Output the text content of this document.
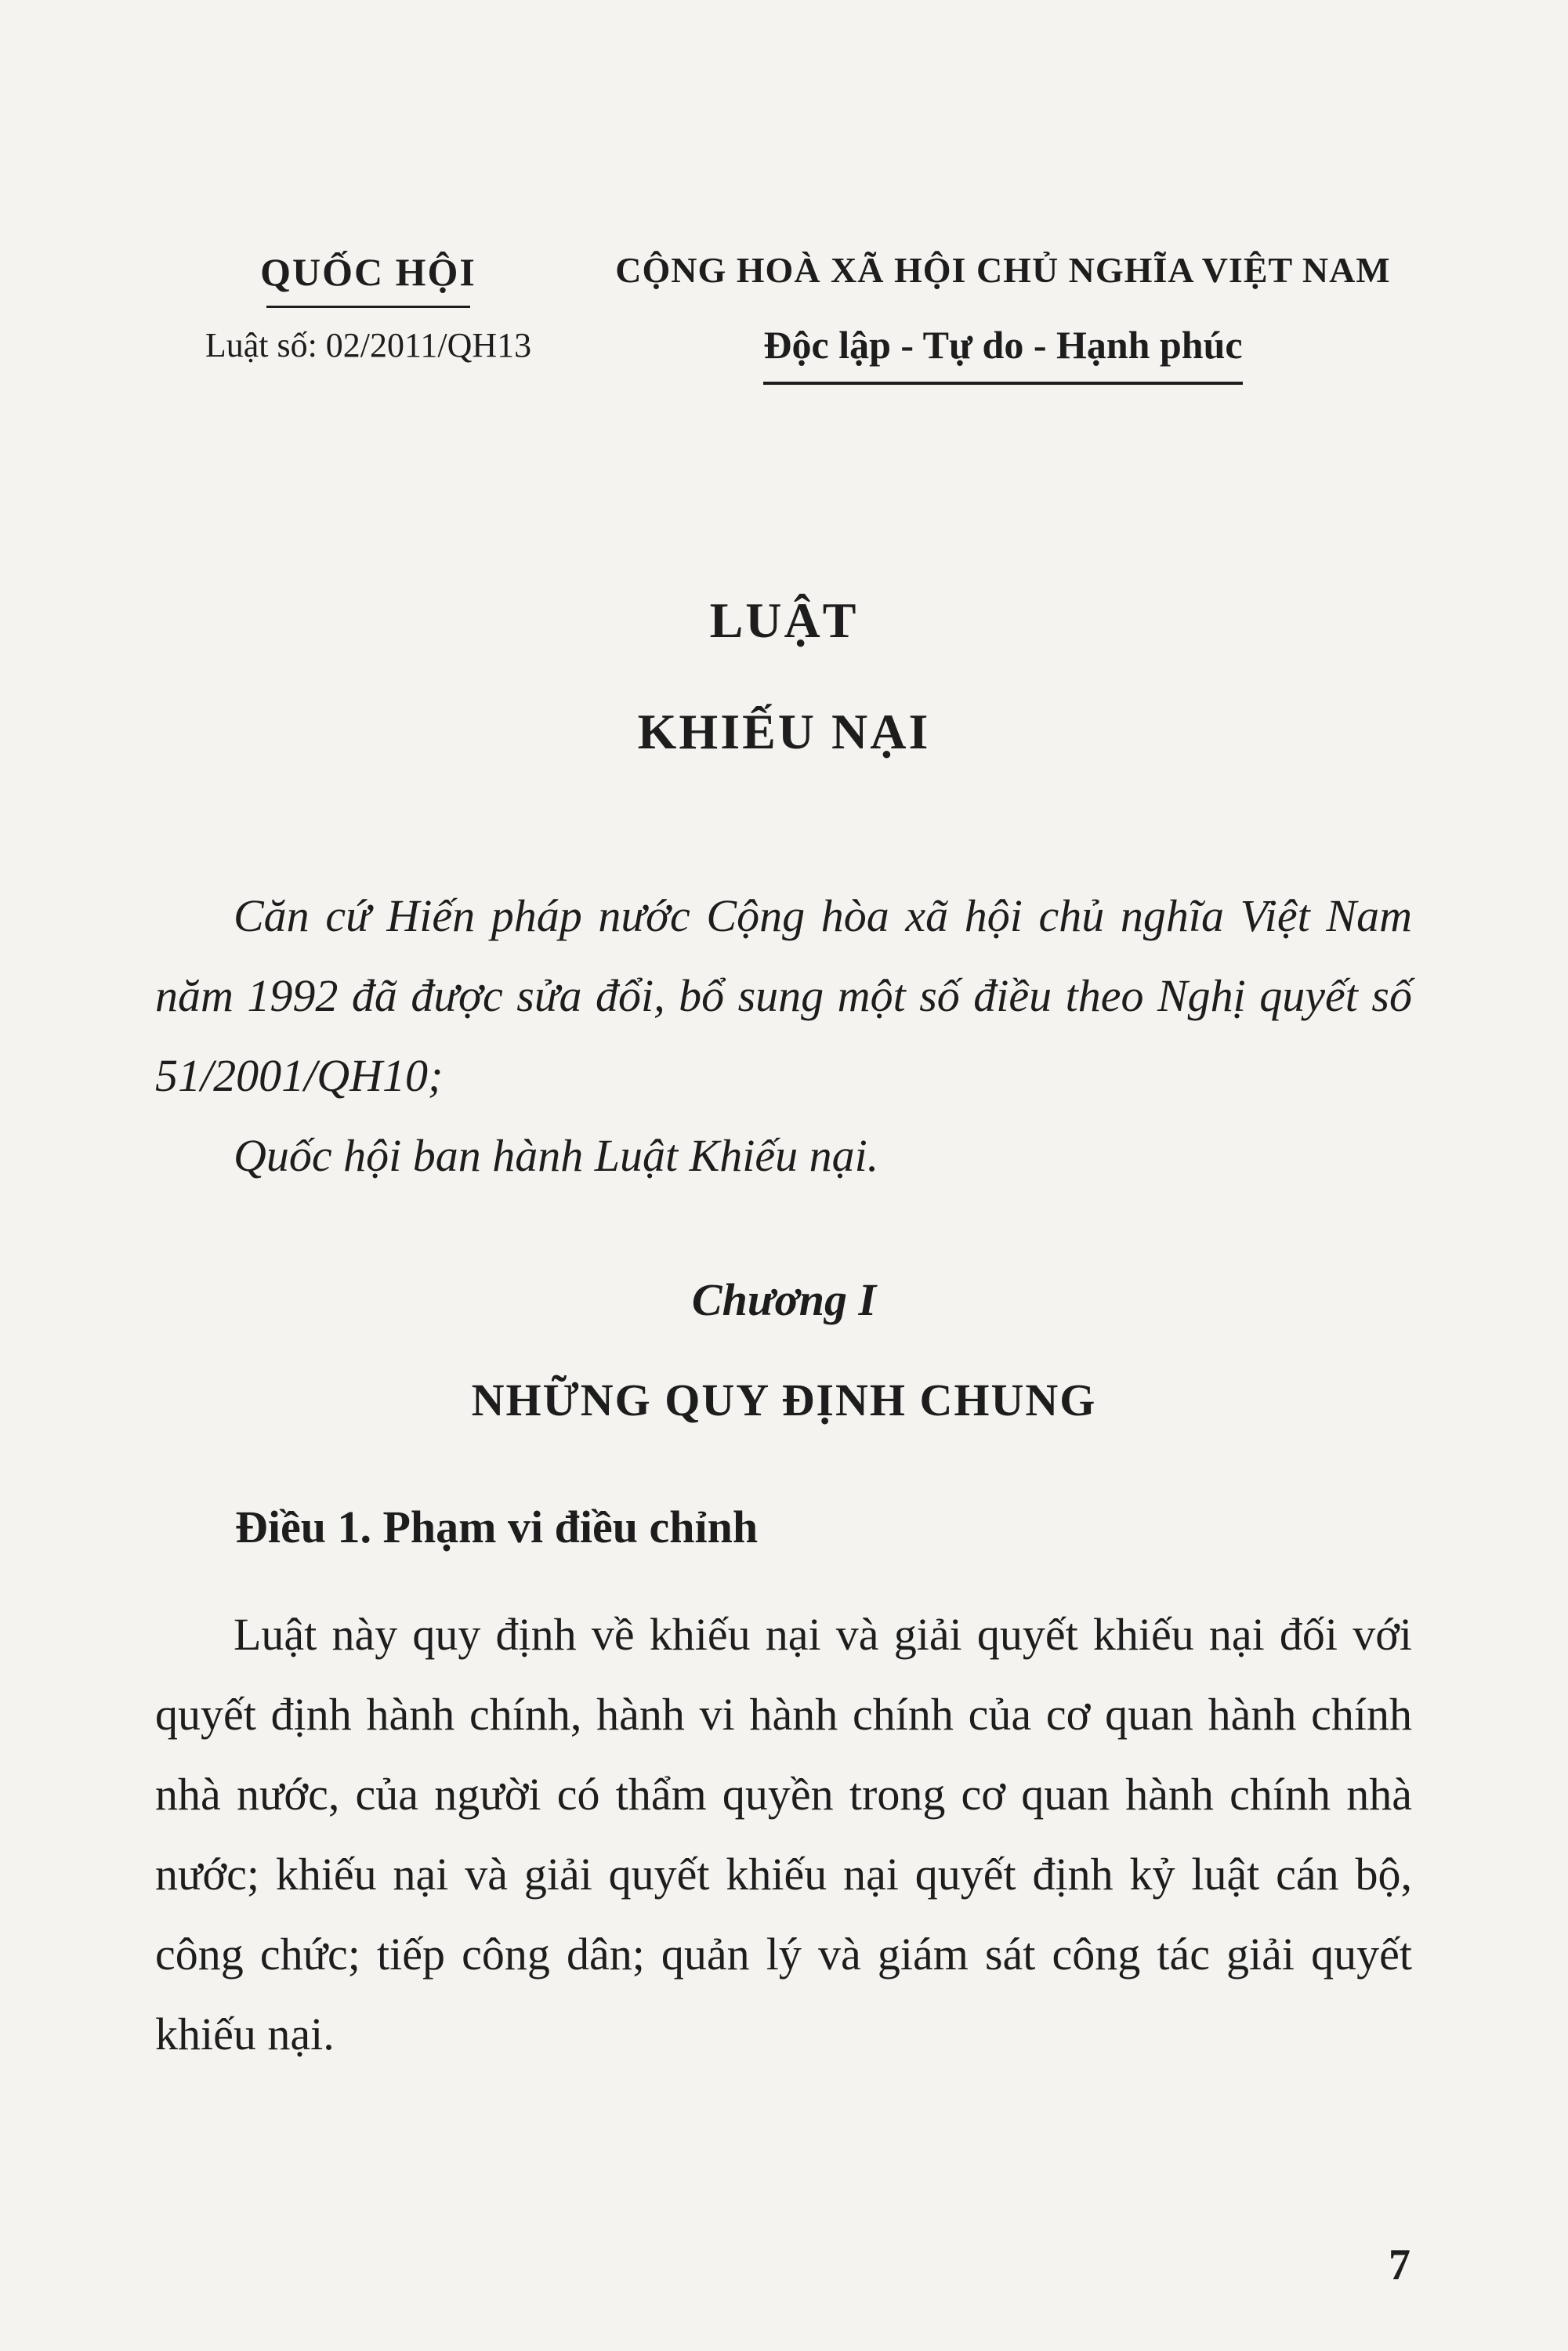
QUỐC HỘI
Luật số: 02/2011/QH13
CỘNG HOÀ XÃ HỘI CHỦ NGHĨA VIỆT NAM
Độc lập - Tự do - Hạnh phúc
LUẬT
KHIẾU NẠI

Căn cứ Hiến pháp nước Cộng hòa xã hội chủ nghĩa Việt Nam năm 1992 đã được sửa đổi, bổ sung một số điều theo Nghị quyết số 51/2001/QH10;

Quốc hội ban hành Luật Khiếu nại.

Chương I
NHỮNG QUY ĐỊNH CHUNG
Điều 1. Phạm vi điều chỉnh

Luật này quy định về khiếu nại và giải quyết khiếu nại đối với quyết định hành chính, hành vi hành chính của cơ quan hành chính nhà nước, của người có thẩm quyền trong cơ quan hành chính nhà nước; khiếu nại và giải quyết khiếu nại quyết định kỷ luật cán bộ, công chức; tiếp công dân; quản lý và giám sát công tác giải quyết khiếu nại.

7
